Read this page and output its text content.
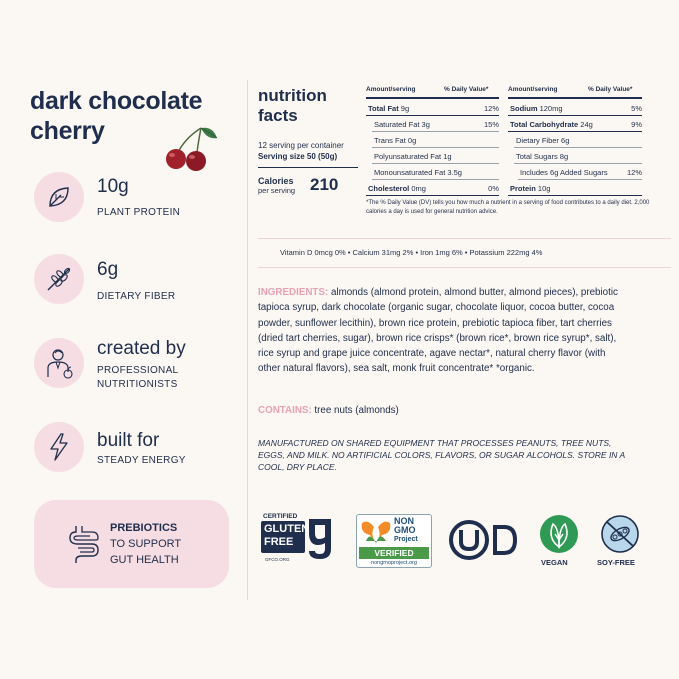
dark chocolate
cherry
10g
PLANT PROTEIN
6g
DIETARY FIBER
created by
PROFESSIONAL
NUTRITIONISTS
built for
STEADY ENERGY
PREBIOTICS
TO SUPPORT
GUT HEALTH
nutrition
facts
12 serving per container
Serving size 50 (50g)
Calories
per serving 210
Amount/serving	% Daily Value*	Amount/serving	% Daily Value*
Total Fat 9g	12%
Saturated Fat 3g	15%
Trans Fat 0g
Polyunsaturated Fat 1g
Monounsaturated Fat 3.5g
Cholesterol 0mg	0%
Sodium 120mg	5%
Total Carbohydrate 24g	9%
Dietary Fiber 6g
Total Sugars 8g
Includes 6g Added Sugars	12%
Protein 10g
*The % Daily Value (DV) tells you how much a nutrient in a serving of food contributes to a daily diet. 2,000 calories a day is used for general nutrition advice.
Vitamin D 0mcg 0% • Calcium 31mg 2% • Iron 1mg 6% • Potassium 222mg 4%
INGREDIENTS: almonds (almond protein, almond butter, almond pieces), prebiotic tapioca syrup, dark chocolate (organic sugar, chocolate liquor, cocoa butter, cocoa powder, sunflower lecithin), brown rice protein, prebiotic tapioca fiber, tart cherries (dried tart cherries, sugar), brown rice crisps* (brown rice*, brown rice syrup*, salt), rice syrup and grape juice concentrate, agave nectar*, natural cherry flavor (with other natural flavors), sea salt, monk fruit concentrate* *organic.
CONTAINS: tree nuts (almonds)
MANUFACTURED ON SHARED EQUIPMENT THAT PROCESSES PEANUTS, TREE NUTS, EGGS, AND MILK. NO ARTIFICIAL COLORS, FLAVORS, OR SUGAR ALCOHOLS. STORE IN A COOL, DRY PLACE.
CERTIFIED
GLUTEN
FREE
GFCO.ORG
NON
GMO
Project
VERIFIED
nongmoproject.org	VEGAN	SOY-FREE
